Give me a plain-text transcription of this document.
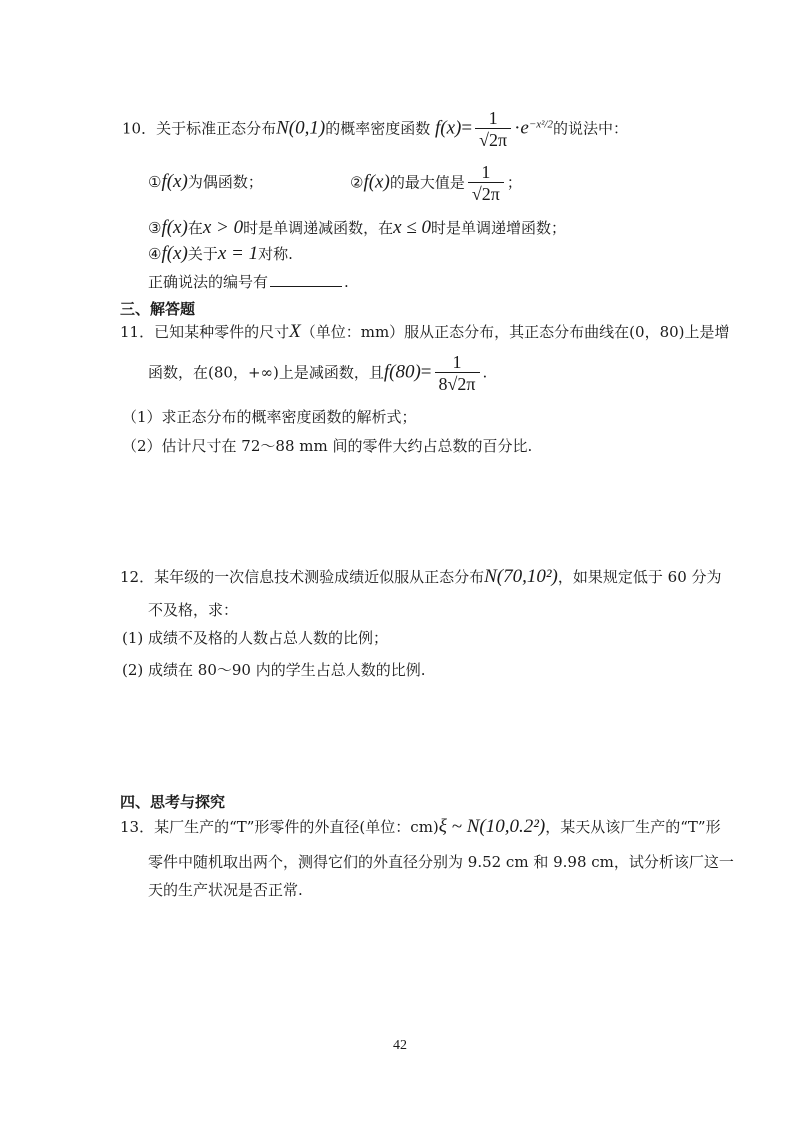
10．关于标准正态分布N(0,1)的概率密度函数 $f(x)= \frac{1}{√2\pi} \cdot e^{-x^2/2}$的说法中：
①f(x)为偶函数；	②f(x)的最大值是 $\frac{1}{√2\pi}$ ；
③f(x)在x > 0时是单调递减函数，在x ≤ 0时是单调递增函数；
④f(x)关于x = 1对称.
正确说法的编号有	.
三、解答题
11．已知某种零件的尺寸X（单位：mm）服从正态分布，其正态分布曲线在(0，80)上是增
函数，在(80，+∞)上是减函数，且$f(80)= \frac{1}{8√2\pi}$ .
（1）求正态分布的概率密度函数的解析式；
（2）估计尺寸在 72～88 mm 间的零件大约占总数的百分比.
12．某年级的一次信息技术测验成绩近似服从正态分布N(70,10²)，如果规定低于 60 分为
不及格，求：
(1) 成绩不及格的人数占总人数的比例；
(2) 成绩在 80～90 内的学生占总人数的比例.
四、思考与探究
13．某厂生产的“T”形零件的外直径(单位：cm)ξ ~ N(10,0.2²)，某天从该厂生产的“T”形
零件中随机取出两个，测得它们的外直径分别为 9.52 cm 和 9.98 cm，试分析该厂这一
天的生产状况是否正常.
42
